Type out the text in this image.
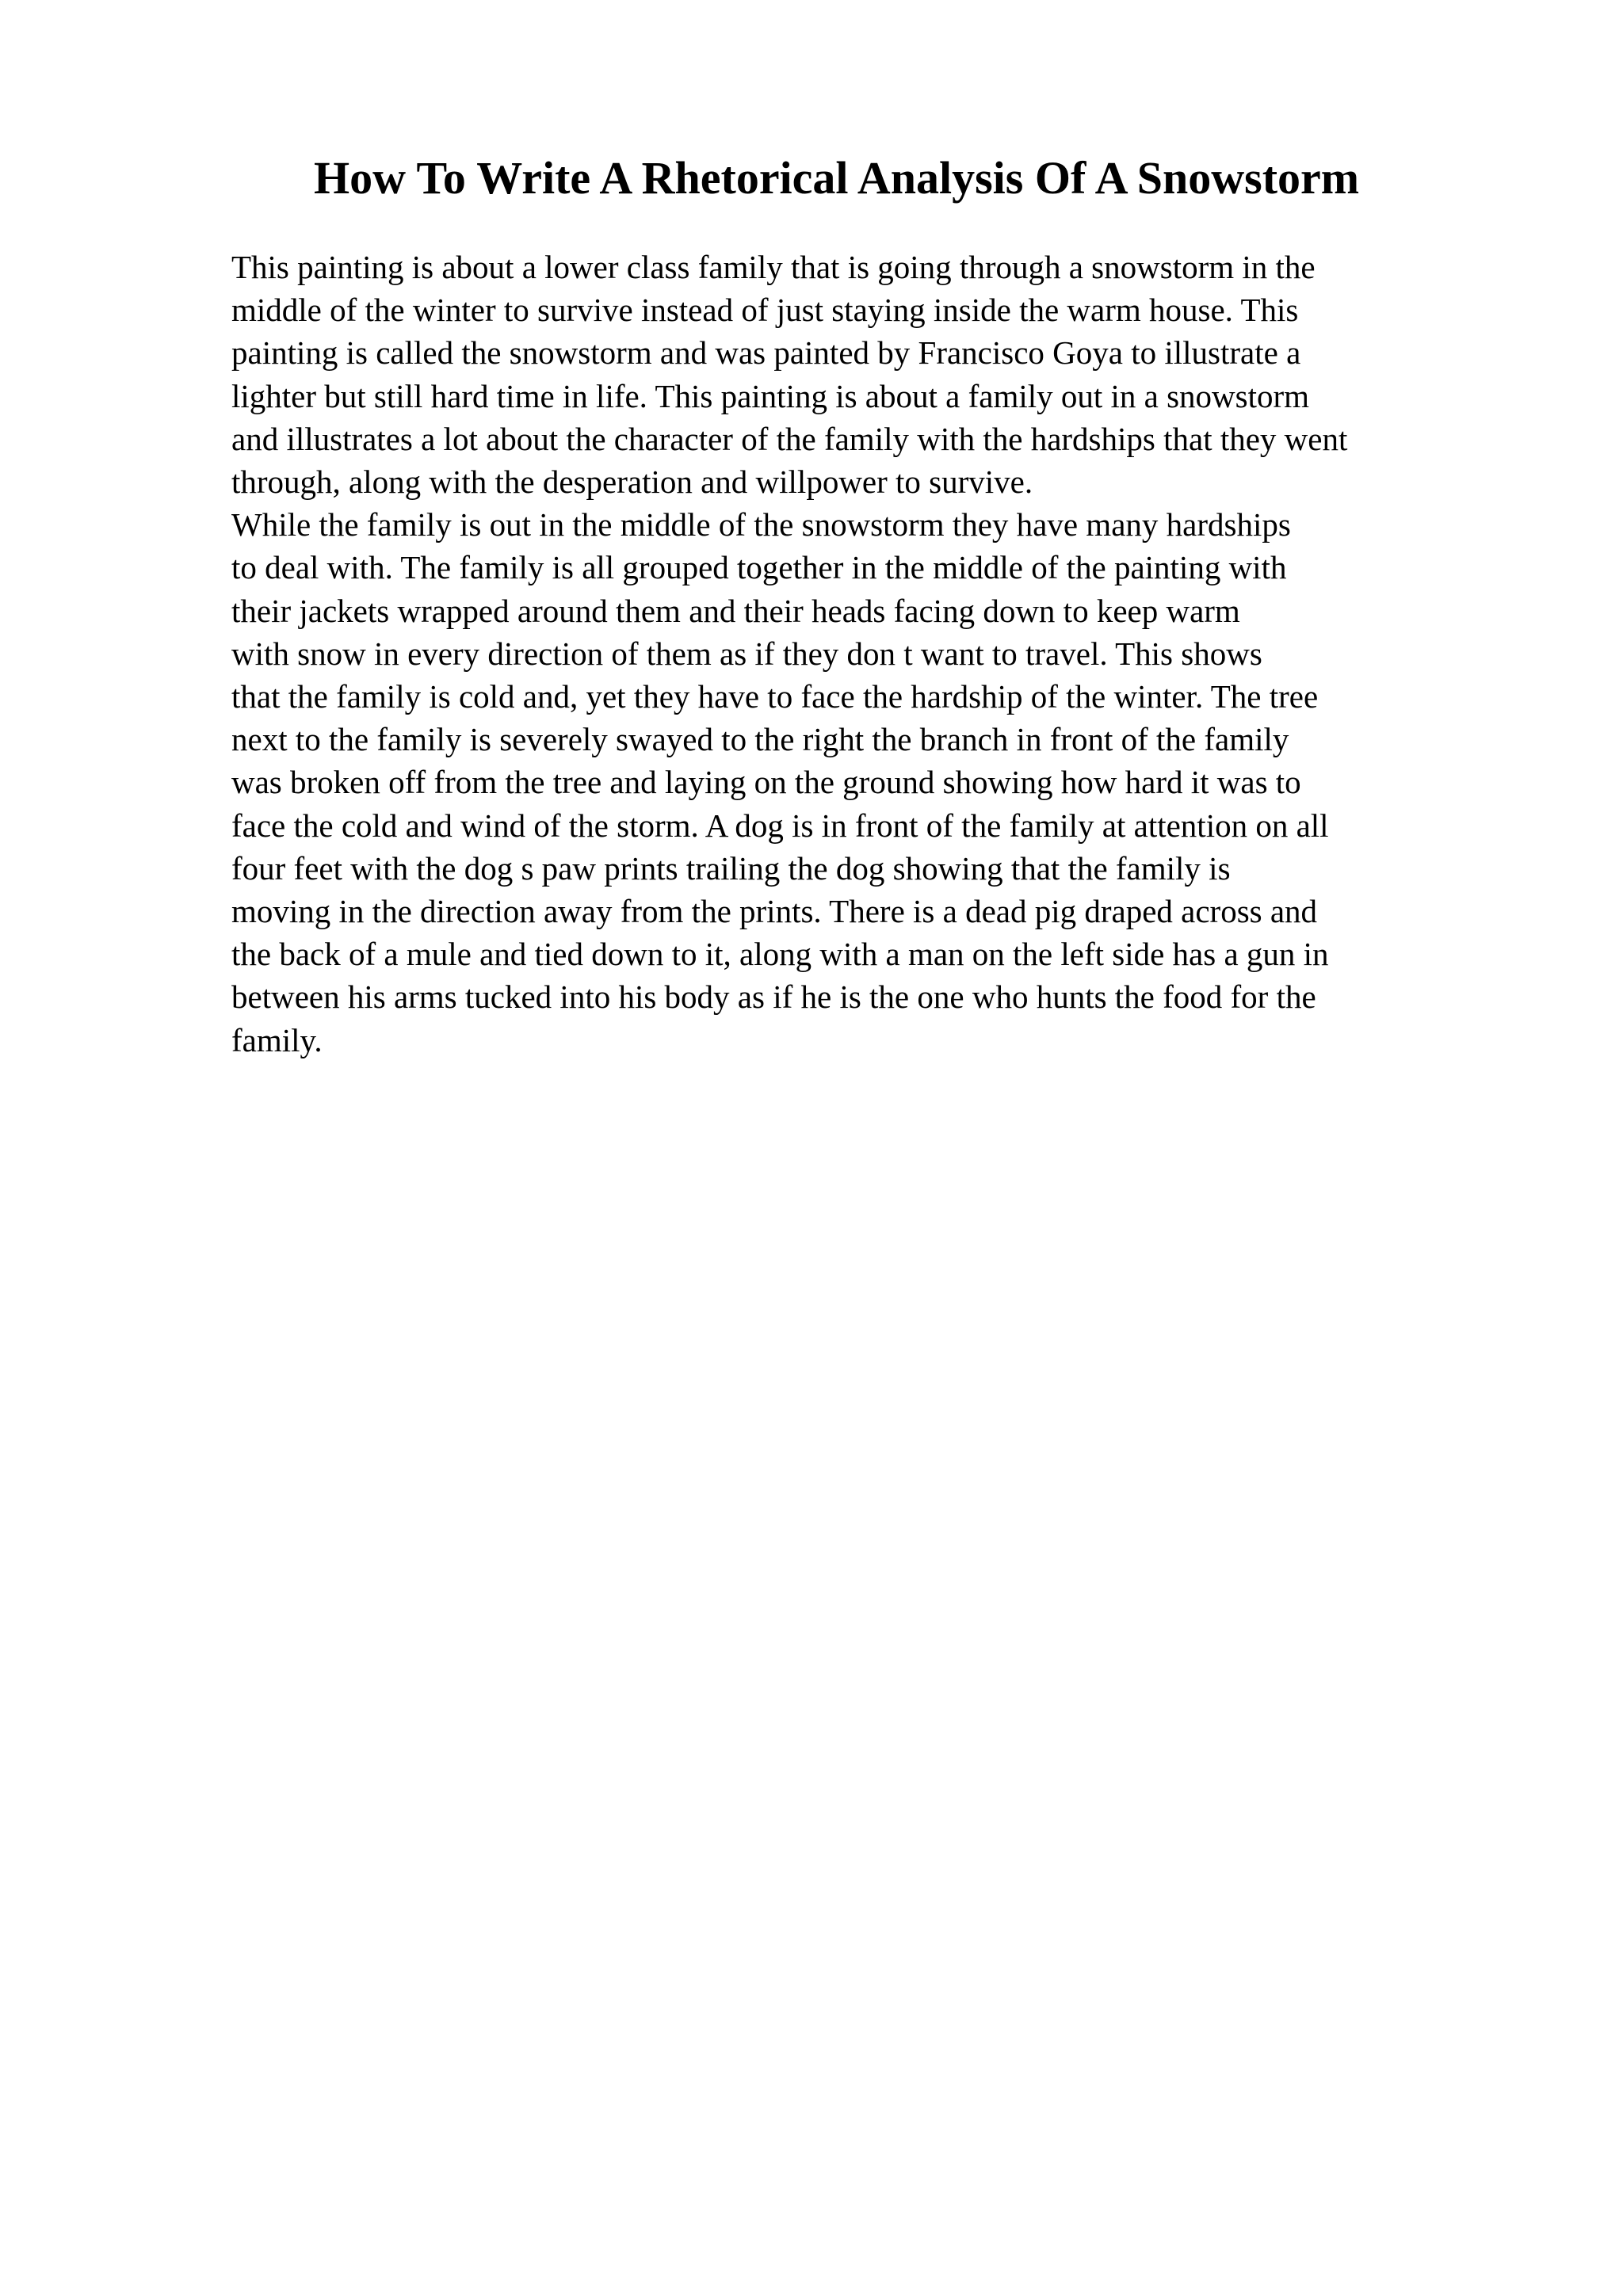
How To Write A Rhetorical Analysis Of A Snowstorm
This painting is about a lower class family that is going through a snowstorm in the
middle of the winter to survive instead of just staying inside the warm house. This
painting is called the snowstorm and was painted by Francisco Goya to illustrate a
lighter but still hard time in life. This painting is about a family out in a snowstorm
and illustrates a lot about the character of the family with the hardships that they went
through, along with the desperation and willpower to survive.
While the family is out in the middle of the snowstorm they have many hardships
to deal with. The family is all grouped together in the middle of the painting with
their jackets wrapped around them and their heads facing down to keep warm
with snow in every direction of them as if they don t want to travel. This shows
that the family is cold and, yet they have to face the hardship of the winter. The tree
next to the family is severely swayed to the right the branch in front of the family
was broken off from the tree and laying on the ground showing how hard it was to
face the cold and wind of the storm. A dog is in front of the family at attention on all
four feet with the dog s paw prints trailing the dog showing that the family is
moving in the direction away from the prints. There is a dead pig draped across and
the back of a mule and tied down to it, along with a man on the left side has a gun in
between his arms tucked into his body as if he is the one who hunts the food for the
family.
